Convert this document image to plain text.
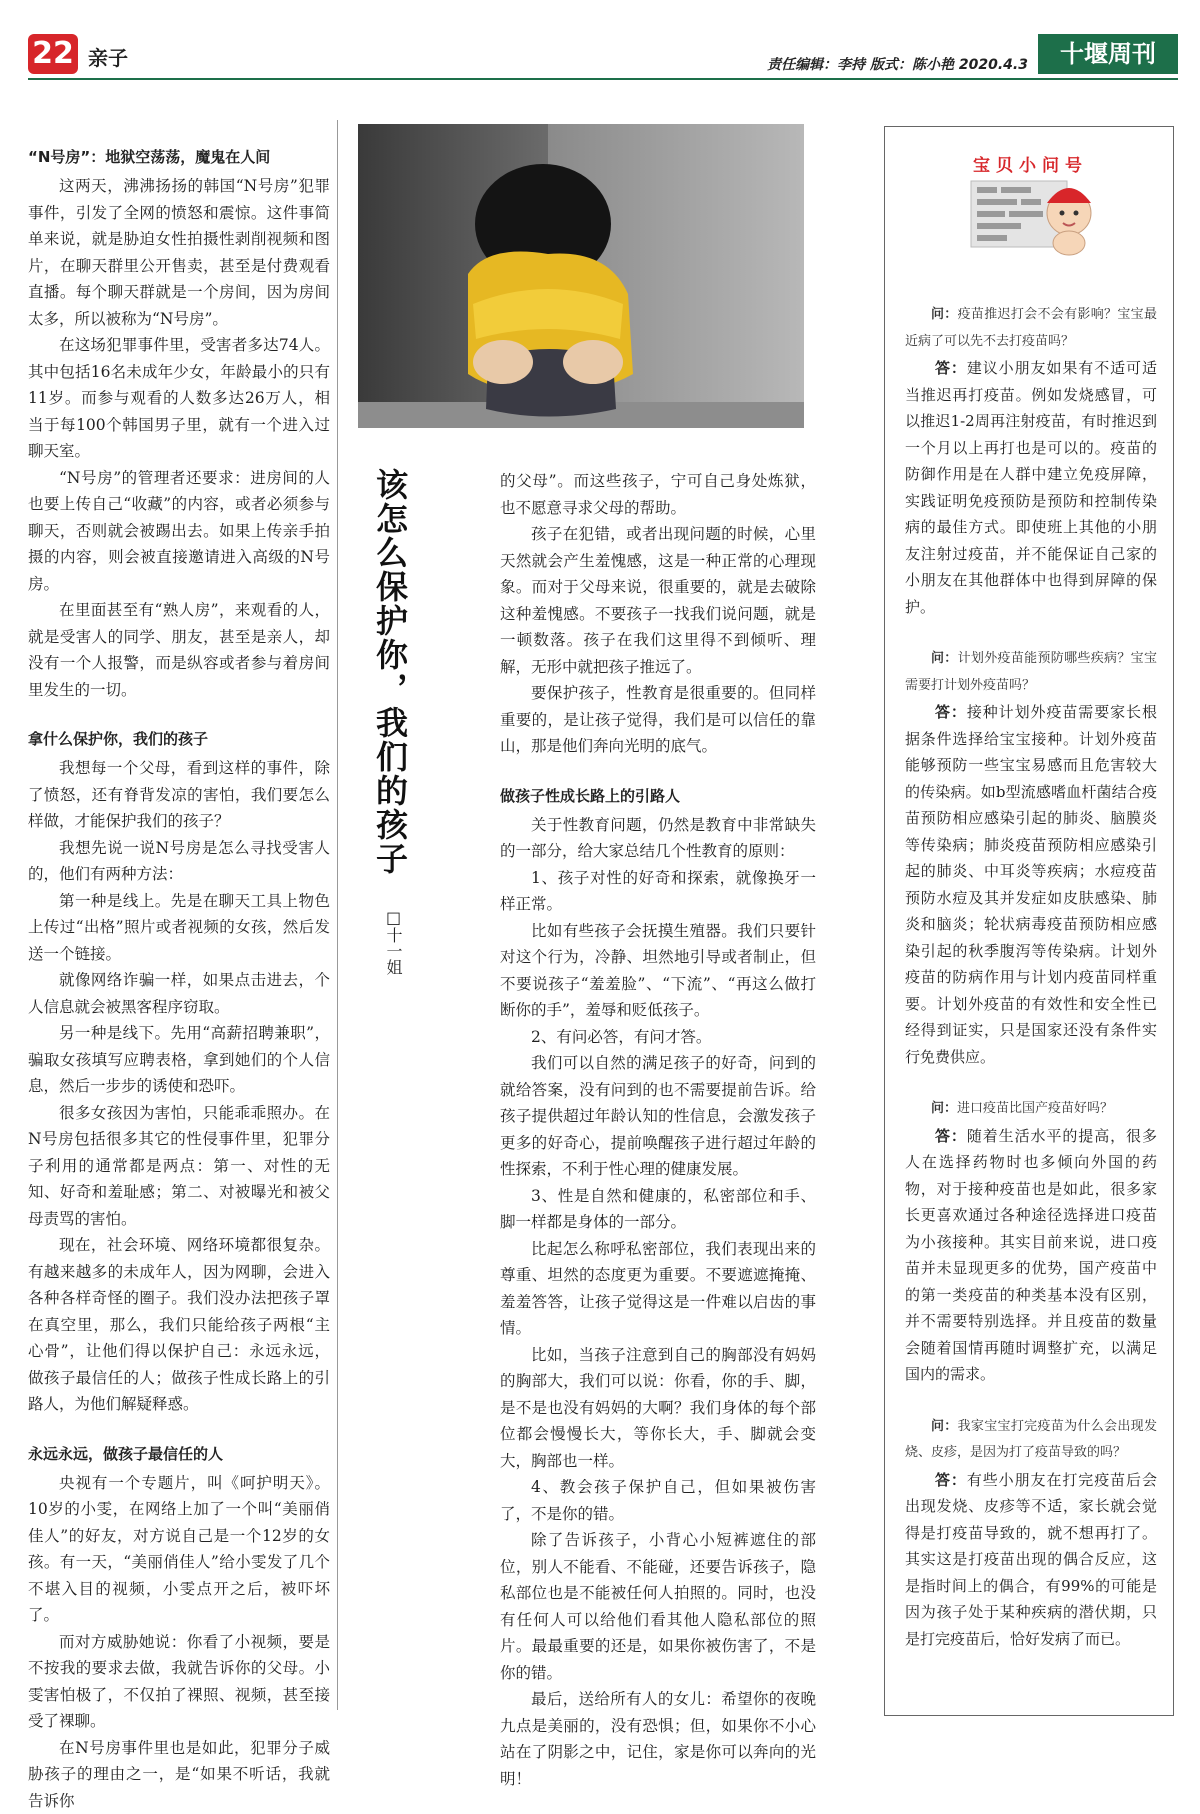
22 亲子	责任编辑：李持 版式：陈小艳 2020.4.3	十堰周刊
“N号房”：地狱空荡荡，魔鬼在人间

这两天，沸沸扬扬的韩国“N号房”犯罪事件，引发了全网的愤怒和震惊。这件事简单来说，就是胁迫女性拍摄性剥削视频和图片，在聊天群里公开售卖，甚至是付费观看直播。每个聊天群就是一个房间，因为房间太多，所以被称为“N号房”。

在这场犯罪事件里，受害者多达74人。其中包括16名未成年少女，年龄最小的只有11岁。而参与观看的人数多达26万人，相当于每100个韩国男子里，就有一个进入过聊天室。

“N号房”的管理者还要求：进房间的人也要上传自己“收藏”的内容，或者必须参与聊天，否则就会被踢出去。如果上传亲手拍摄的内容，则会被直接邀请进入高级的N号房。

在里面甚至有“熟人房”，来观看的人，就是受害人的同学、朋友，甚至是亲人，却没有一个人报警，而是纵容或者参与着房间里发生的一切。

拿什么保护你，我们的孩子

我想每一个父母，看到这样的事件，除了愤怒，还有脊背发凉的害怕，我们要怎么样做，才能保护我们的孩子？

我想先说一说N号房是怎么寻找受害人的，他们有两种方法：

第一种是线上。先是在聊天工具上物色上传过“出格”照片或者视频的女孩，然后发送一个链接。

就像网络诈骗一样，如果点击进去，个人信息就会被黑客程序窃取。

另一种是线下。先用“高薪招聘兼职”，骗取女孩填写应聘表格，拿到她们的个人信息，然后一步步的诱使和恐吓。

很多女孩因为害怕，只能乖乖照办。在N号房包括很多其它的性侵事件里，犯罪分子利用的通常都是两点：第一、对性的无知、好奇和羞耻感；第二、对被曝光和被父母责骂的害怕。

现在，社会环境、网络环境都很复杂。有越来越多的未成年人，因为网聊，会进入各种各样奇怪的圈子。我们没办法把孩子罩在真空里，那么，我们只能给孩子两根“主心骨”，让他们得以保护自己：永远永远，做孩子最信任的人；做孩子性成长路上的引路人，为他们解疑释惑。

永远永远，做孩子最信任的人

央视有一个专题片，叫《呵护明天》。10岁的小雯，在网络上加了一个叫“美丽俏佳人”的好友，对方说自己是一个12岁的女孩。有一天，“美丽俏佳人”给小雯发了几个不堪入目的视频，小雯点开之后，被吓坏了。

而对方威胁她说：你看了小视频，要是不按我的要求去做，我就告诉你的父母。小雯害怕极了，不仅拍了裸照、视频，甚至接受了裸聊。

在N号房事件里也是如此，犯罪分子威胁孩子的理由之一，是“如果不听话，我就告诉你

该怎么保护你，我们的孩子
□十一姐

的父母”。而这些孩子，宁可自己身处炼狱，也不愿意寻求父母的帮助。

孩子在犯错，或者出现问题的时候，心里天然就会产生羞愧感，这是一种正常的心理现象。而对于父母来说，很重要的，就是去破除这种羞愧感。不要孩子一找我们说问题，就是一顿数落。孩子在我们这里得不到倾听、理解，无形中就把孩子推远了。

要保护孩子，性教育是很重要的。但同样重要的，是让孩子觉得，我们是可以信任的靠山，那是他们奔向光明的底气。

做孩子性成长路上的引路人

关于性教育问题，仍然是教育中非常缺失的一部分，给大家总结几个性教育的原则：

1、孩子对性的好奇和探索，就像换牙一样正常。

比如有些孩子会抚摸生殖器。我们只要针对这个行为，冷静、坦然地引导或者制止，但不要说孩子“羞羞脸”、“下流”、“再这么做打断你的手”，羞辱和贬低孩子。

2、有问必答，有问才答。

我们可以自然的满足孩子的好奇，问到的就给答案，没有问到的也不需要提前告诉。给孩子提供超过年龄认知的性信息，会激发孩子更多的好奇心，提前唤醒孩子进行超过年龄的性探索，不利于性心理的健康发展。

3、性是自然和健康的，私密部位和手、脚一样都是身体的一部分。

比起怎么称呼私密部位，我们表现出来的尊重、坦然的态度更为重要。不要遮遮掩掩、羞羞答答，让孩子觉得这是一件难以启齿的事情。

比如，当孩子注意到自己的胸部没有妈妈的胸部大，我们可以说：你看，你的手、脚，是不是也没有妈妈的大啊？我们身体的每个部位都会慢慢长大，等你长大，手、脚就会变大，胸部也一样。

4、教会孩子保护自己，但如果被伤害了，不是你的错。

除了告诉孩子，小背心小短裤遮住的部位，别人不能看、不能碰，还要告诉孩子，隐私部位也是不能被任何人拍照的。同时，也没有任何人可以给他们看其他人隐私部位的照片。最最重要的还是，如果你被伤害了，不是你的错。

最后，送给所有人的女儿：希望你的夜晚九点是美丽的，没有恐惧；但，如果你不小心站在了阴影之中，记住，家是你可以奔向的光明！

宝贝小问号

问：疫苗推迟打会不会有影响？宝宝最近病了可以先不去打疫苗吗？

答：建议小朋友如果有不适可适当推迟再打疫苗。例如发烧感冒，可以推迟1-2周再注射疫苗，有时推迟到一个月以上再打也是可以的。疫苗的防御作用是在人群中建立免疫屏障，实践证明免疫预防是预防和控制传染病的最佳方式。即使班上其他的小朋友注射过疫苗，并不能保证自己家的小朋友在其他群体中也得到屏障的保护。

问：计划外疫苗能预防哪些疾病？宝宝需要打计划外疫苗吗？

答：接种计划外疫苗需要家长根据条件选择给宝宝接种。计划外疫苗能够预防一些宝宝易感而且危害较大的传染病。如b型流感嗜血杆菌结合疫苗预防相应感染引起的肺炎、脑膜炎等传染病；肺炎疫苗预防相应感染引起的肺炎、中耳炎等疾病；水痘疫苗预防水痘及其并发症如皮肤感染、肺炎和脑炎；轮状病毒疫苗预防相应感染引起的秋季腹泻等传染病。计划外疫苗的防病作用与计划内疫苗同样重要。计划外疫苗的有效性和安全性已经得到证实，只是国家还没有条件实行免费供应。

问：进口疫苗比国产疫苗好吗？

答：随着生活水平的提高，很多人在选择药物时也多倾向外国的药物，对于接种疫苗也是如此，很多家长更喜欢通过各种途径选择进口疫苗为小孩接种。其实目前来说，进口疫苗并未显现更多的优势，国产疫苗中的第一类疫苗的种类基本没有区别，并不需要特别选择。并且疫苗的数量会随着国情再随时调整扩充，以满足国内的需求。

问：我家宝宝打完疫苗为什么会出现发烧、皮疹，是因为打了疫苗导致的吗？

答：有些小朋友在打完疫苗后会出现发烧、皮疹等不适，家长就会觉得是打疫苗导致的，就不想再打了。其实这是打疫苗出现的偶合反应，这是指时间上的偶合，有99%的可能是因为孩子处于某种疾病的潜伏期，只是打完疫苗后，恰好发病了而已。
